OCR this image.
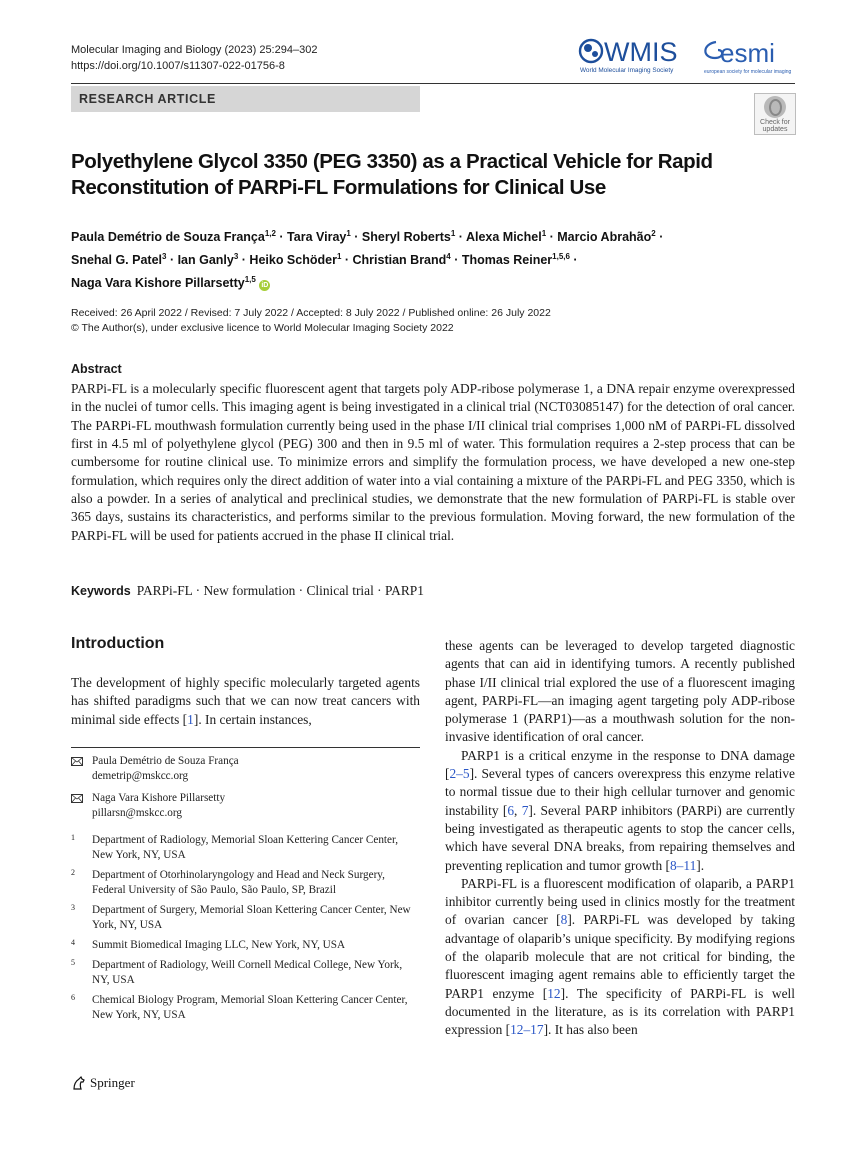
Molecular Imaging and Biology (2023) 25:294–302
https://doi.org/10.1007/s11307-022-01756-8	WMIS
World Molecular Imaging Society
esmi
european society for molecular imaging
RESEARCH ARTICLE
Check for updates
Polyethylene Glycol 3350 (PEG 3350) as a Practical Vehicle for Rapid
Reconstitution of PARPi-FL Formulations for Clinical Use
Paula Demétrio de Souza França$^{1,2}$ · Tara Viray$^1$ · Sheryl Roberts$^1$ · Alexa Michel$^1$ · Marcio Abrahão$^2$ ·
Snehal G. Patel$^3$ · Ian Ganly$^3$ · Heiko Schöder$^1$ · Christian Brand$^4$ · Thomas Reiner$^{1,5,6}$ ·
Naga Vara Kishore Pillarsetty$^{1,5}$ iD
Received: 26 April 2022 / Revised: 7 July 2022 / Accepted: 8 July 2022 / Published online: 26 July 2022
© The Author(s), under exclusive licence to World Molecular Imaging Society 2022
Abstract
PARPi-FL is a molecularly specific fluorescent agent that targets poly ADP-ribose polymerase 1, a DNA repair enzyme overexpressed in the nuclei of tumor cells. This imaging agent is being investigated in a clinical trial (NCT03085147) for the detection of oral cancer. The PARPi-FL mouthwash formulation currently being used in the phase I/II clinical trial comprises 1,000 nM of PARPi-FL dissolved first in 4.5 ml of polyethylene glycol (PEG) 300 and then in 9.5 ml of water. This formulation requires a 2-step process that can be cumbersome for routine clinical use. To minimize errors and simplify the formulation process, we have developed a new one-step formulation, which requires only the direct addition of water into a vial containing a mixture of the PARPi-FL and PEG 3350, which is also a powder. In a series of analytical and preclinical studies, we demonstrate that the new formulation of PARPi-FL is stable over 365 days, sustains its characteristics, and performs similar to the previous formulation. Moving forward, the new formulation of the PARPi-FL will be used for patients accrued in the phase II clinical trial.
Keywords PARPi-FL · New formulation · Clinical trial · PARP1
Introduction

The development of highly specific molecularly targeted agents has shifted paradigms such that we can now treat cancers with minimal side effects [1]. In certain instances,

Paula Demétrio de Souza França
demetrip@mskcc.org
Naga Vara Kishore Pillarsetty
pillarsn@mskcc.org
1 Department of Radiology, Memorial Sloan Kettering Cancer Center, New York, NY, USA
2 Department of Otorhinolaryngology and Head and Neck Surgery, Federal University of São Paulo, São Paulo, SP, Brazil
3 Department of Surgery, Memorial Sloan Kettering Cancer Center, New York, NY, USA
4 Summit Biomedical Imaging LLC, New York, NY, USA
5 Department of Radiology, Weill Cornell Medical College, New York, NY, USA
6 Chemical Biology Program, Memorial Sloan Kettering Cancer Center, New York, NY, USA

these agents can be leveraged to develop targeted diagnostic agents that can aid in identifying tumors. A recently published phase I/II clinical trial explored the use of a fluorescent imaging agent, PARPi-FL—an imaging agent targeting poly ADP-ribose polymerase 1 (PARP1)—as a mouthwash solution for the non-invasive identification of oral cancer.

PARP1 is a critical enzyme in the response to DNA damage [2–5]. Several types of cancers overexpress this enzyme relative to normal tissue due to their high cellular turnover and genomic instability [6, 7]. Several PARP inhibitors (PARPi) are currently being investigated as therapeutic agents to stop the cancer cells, which have several DNA breaks, from repairing themselves and preventing replication and tumor growth [8–11].

PARPi-FL is a fluorescent modification of olaparib, a PARP1 inhibitor currently being used in clinics mostly for the treatment of ovarian cancer [8]. PARPi-FL was developed by taking advantage of olaparib’s unique specificity. By modifying regions of the olaparib molecule that are not critical for binding, the fluorescent imaging agent remains able to efficiently target the PARP1 enzyme [12]. The specificity of PARPi-FL is well documented in the literature, as is its correlation with PARP1 expression [12–17]. It has also been

Springer
